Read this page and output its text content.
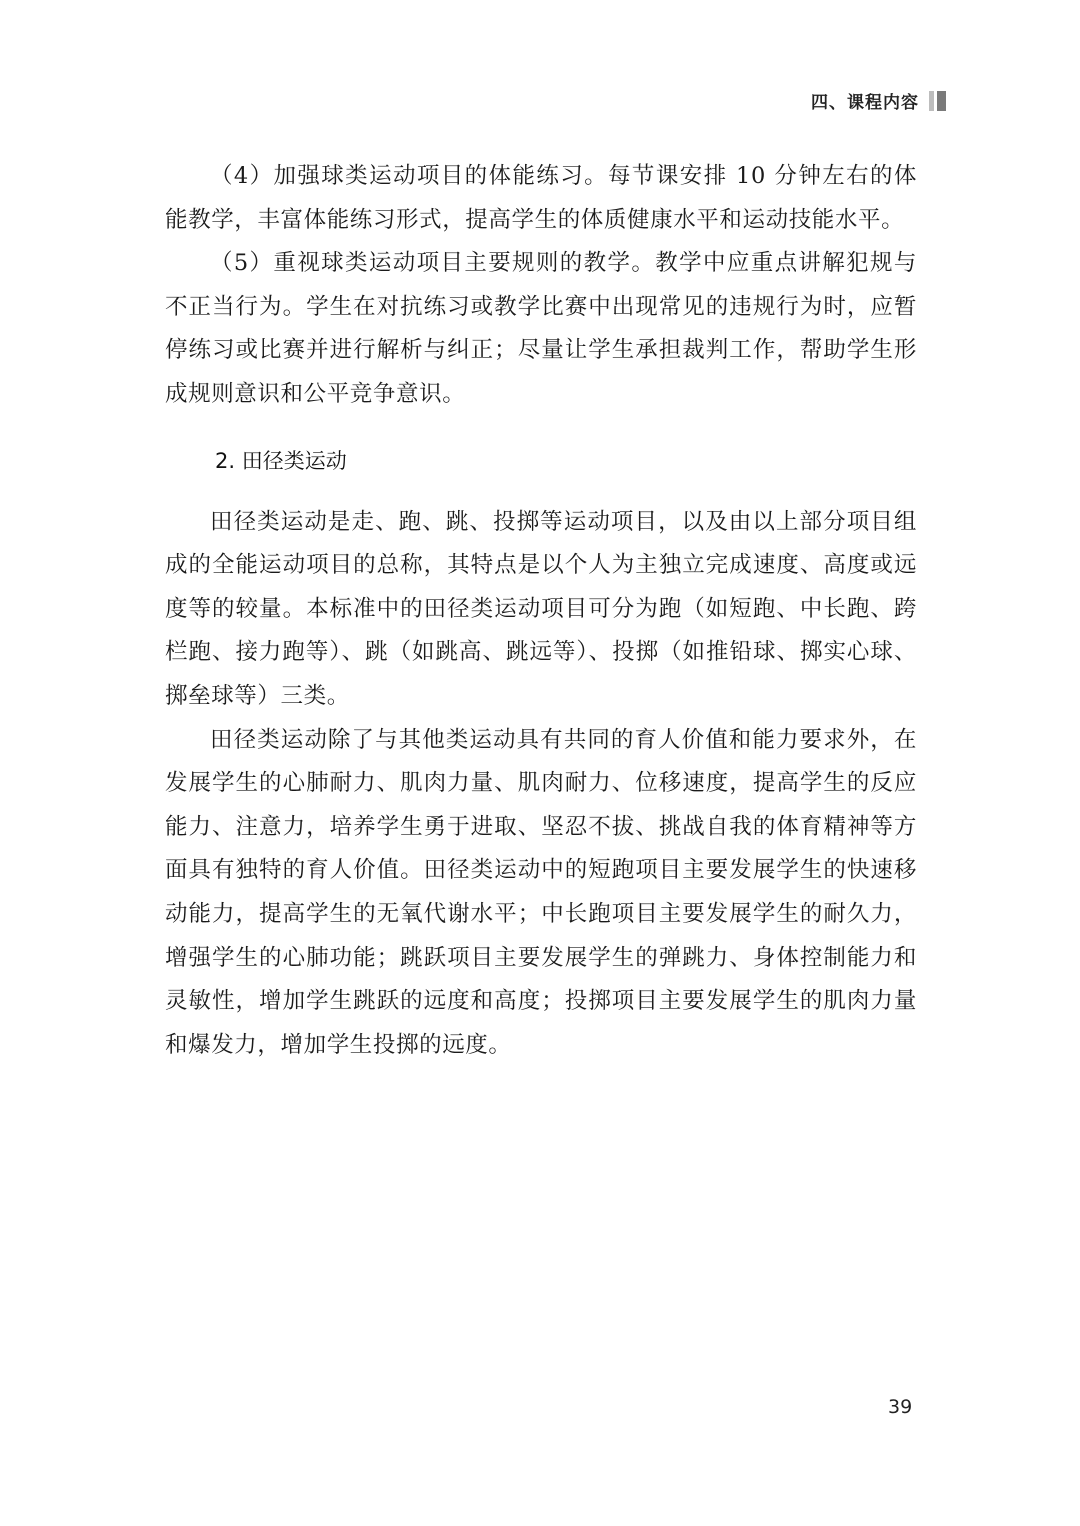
四、课程内容

（4）加强球类运动项目的体能练习。每节课安排 10 分钟左右的体能教学，丰富体能练习形式，提高学生的体质健康水平和运动技能水平。

（5）重视球类运动项目主要规则的教学。教学中应重点讲解犯规与不正当行为。学生在对抗练习或教学比赛中出现常见的违规行为时，应暂停练习或比赛并进行解析与纠正；尽量让学生承担裁判工作，帮助学生形成规则意识和公平竞争意识。

2. 田径类运动

田径类运动是走、跑、跳、投掷等运动项目，以及由以上部分项目组成的全能运动项目的总称，其特点是以个人为主独立完成速度、高度或远度等的较量。本标准中的田径类运动项目可分为跑（如短跑、中长跑、跨栏跑、接力跑等）、跳（如跳高、跳远等）、投掷（如推铅球、掷实心球、掷垒球等）三类。

田径类运动除了与其他类运动具有共同的育人价值和能力要求外，在发展学生的心肺耐力、肌肉力量、肌肉耐力、位移速度，提高学生的反应能力、注意力，培养学生勇于进取、坚忍不拔、挑战自我的体育精神等方面具有独特的育人价值。田径类运动中的短跑项目主要发展学生的快速移动能力，提高学生的无氧代谢水平；中长跑项目主要发展学生的耐久力，增强学生的心肺功能；跳跃项目主要发展学生的弹跳力、身体控制能力和灵敏性，增加学生跳跃的远度和高度；投掷项目主要发展学生的肌肉力量和爆发力，增加学生投掷的远度。

39
